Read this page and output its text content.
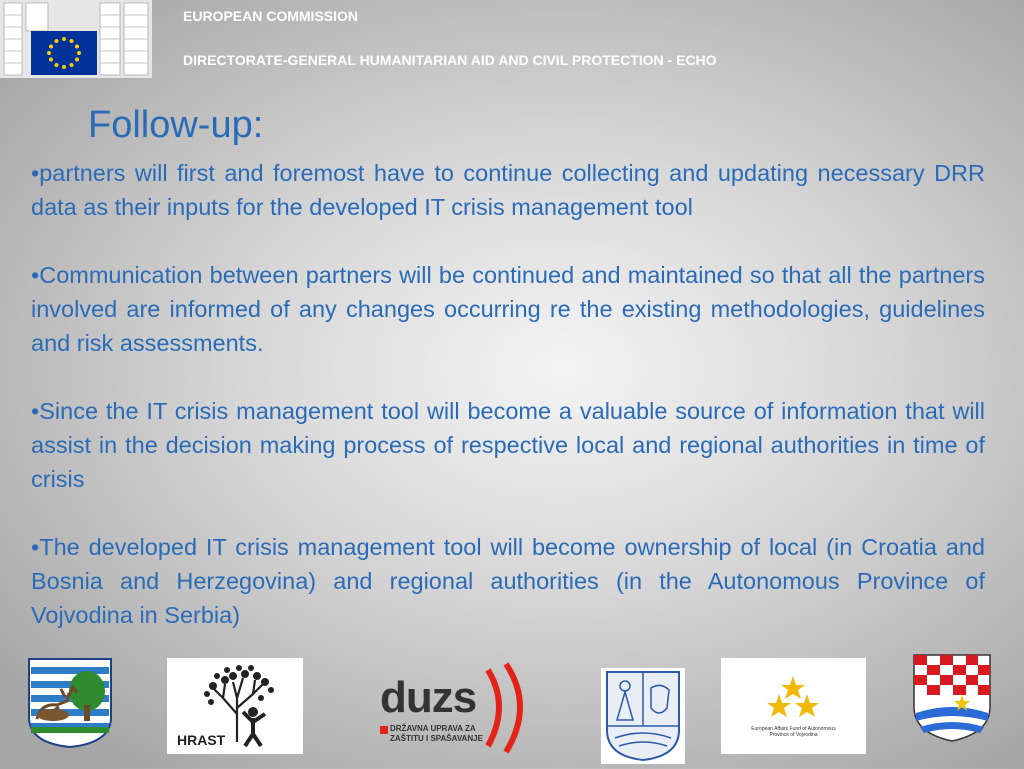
EUROPEAN COMMISSION
DIRECTORATE-GENERAL HUMANITARIAN AID AND CIVIL PROTECTION - ECHO
Follow-up:

•partners will first and foremost have to continue collecting and updating necessary DRR data as their inputs for the developed IT crisis management tool

•Communication between partners will be continued and maintained so that all the partners involved are informed of any changes occurring re the existing methodologies, guidelines and risk assessments.

•Since the IT crisis management tool will become a valuable source of information that will assist in the decision making process of respective local and regional authorities in time of crisis

•The developed IT crisis management tool will become ownership of local (in Croatia and Bosnia and Herzegovina) and regional authorities (in the Autonomous Province of Vojvodina in Serbia)

HRAST
duzs
DRŽAVNA UPRAVA ZA
ZAŠTITU I SPAŠAVANJE
European Affairs Fund of Autonomous Province of Vojvodina
